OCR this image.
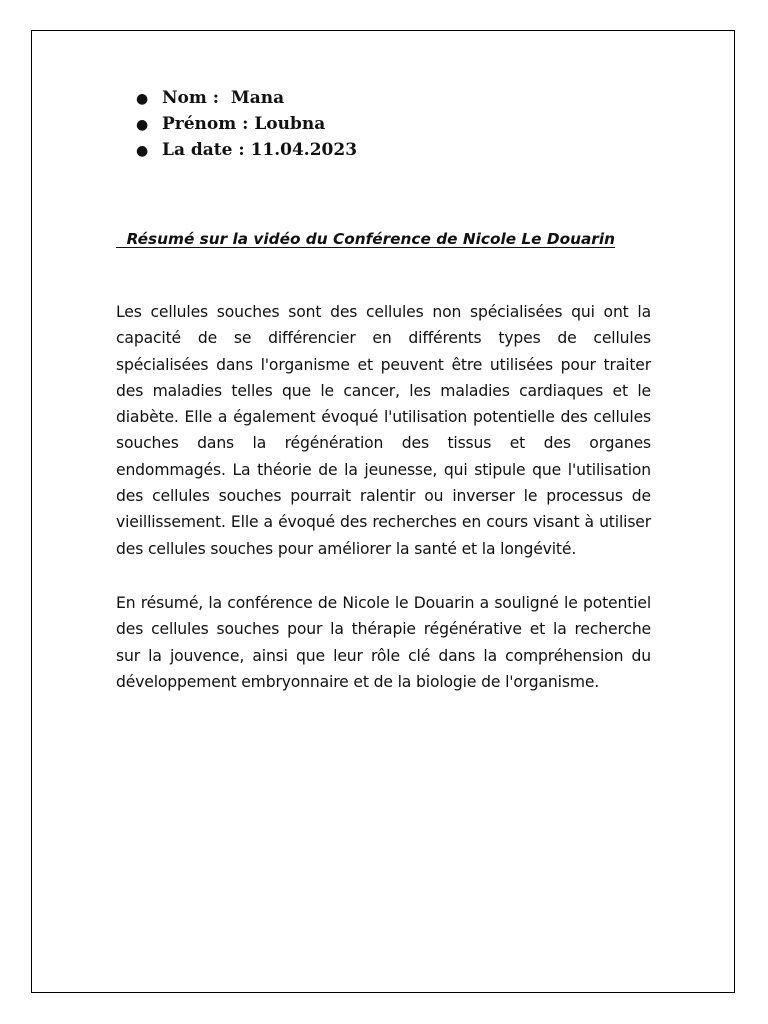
● Nom :  Mana
● Prénom : Loubna
● La date : 11.04.2023
Résumé sur la vidéo du Conférence de Nicole Le Douarin

Les cellules souches sont des cellules non spécialisées qui ont la capacité de se différencier en différents types de cellules spécialisées dans l'organisme et peuvent être utilisées pour traiter des maladies telles que le cancer, les maladies cardiaques et le diabète. Elle a également évoqué l'utilisation potentielle des cellules souches dans la régénération des tissus et des organes endommagés. La théorie de la jeunesse, qui stipule que l'utilisation des cellules souches pourrait ralentir ou inverser le processus de vieillissement. Elle a évoqué des recherches en cours visant à utiliser des cellules souches pour améliorer la santé et la longévité.

En résumé, la conférence de Nicole le Douarin a souligné le potentiel des cellules souches pour la thérapie régénérative et la recherche sur la jouvence, ainsi que leur rôle clé dans la compréhension du développement embryonnaire et de la biologie de l'organisme.
